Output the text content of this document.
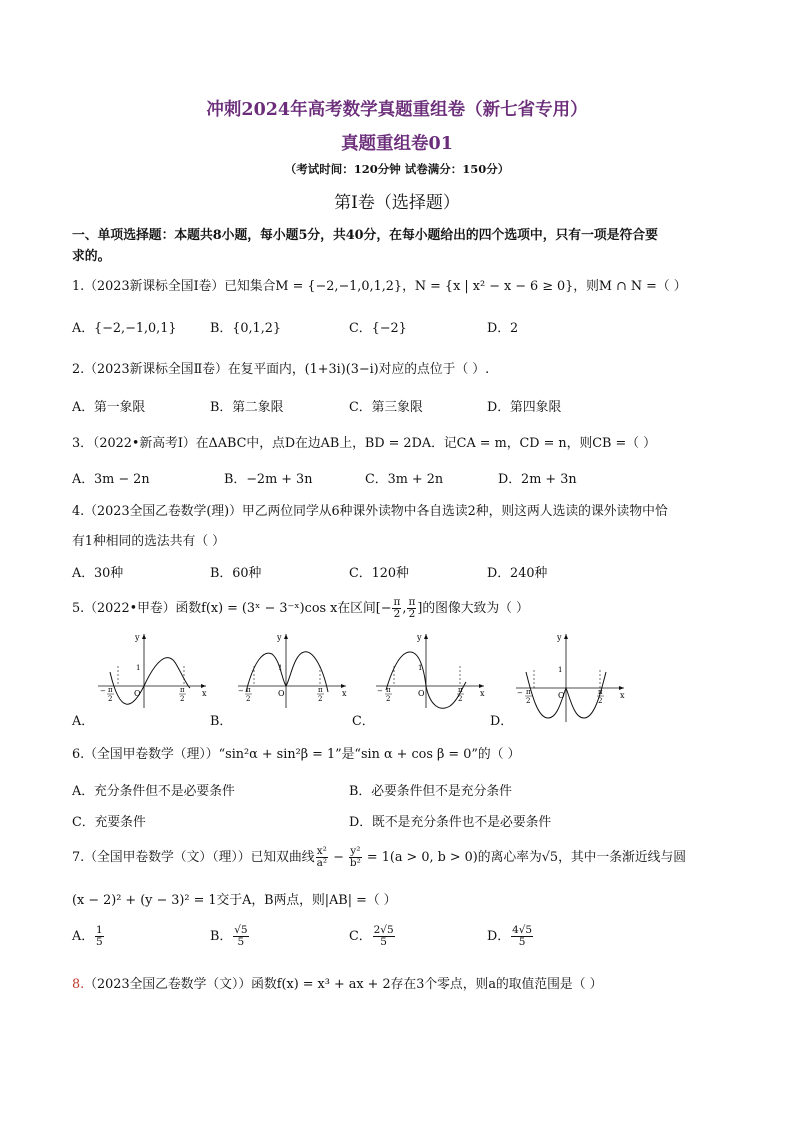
冲刺2024年高考数学真题重组卷（新七省专用）
真题重组卷01
（考试时间：120分钟 试卷满分：150分）
第Ⅰ卷（选择题）
一、单项选择题：本题共8小题，每小题5分，共40分，在每小题给出的四个选项中，只有一项是符合要
求的。
1.（2023新课标全国Ⅰ卷）已知集合M = {−2,−1,0,1,2}，N = {x | x² − x − 6 ≥ 0}，则M ∩ N =（ ）
A．{−2,−1,0,1}	B．{0,1,2}	C．{−2}	D．2
2.（2023新课标全国Ⅱ卷）在复平面内，(1+3i)(3−i)对应的点位于（ ）.
A．第一象限	B．第二象限	C．第三象限	D．第四象限
3．（2022•新高考Ⅰ）在ΔABC中，点D在边AB上，BD = 2DA．记CA = m，CD = n，则CB =（ ）
A．3m − 2n	B．−2m + 3n	C．3m + 2n	D．2m + 3n
4.（2023全国乙卷数学(理)）甲乙两位同学从6种课外读物中各自选读2种，则这两人选读的课外读物中恰
有1种相同的选法共有（ ）
A．30种	B．60种	C．120种	D．240种
5.（2022•甲卷）函数f(x) = (3ˣ − 3⁻ˣ)cos x在区间[− $\frac{\pi}{2}$ , $\frac{\pi}{2}$ ]的图像大致为（ ）
y
x
O
1
− π
2
π
2
A．
y
x
O
1
− π
2
π
2
B．
y
x
O
1
− π
2
π
2
C．
y
x
O
1
− π
2
π
2
D．
6.（全国甲卷数学（理））“sin²α + sin²β = 1”是“sin α + cos β = 0”的（ ）
A．充分条件但不是必要条件	B．必要条件但不是充分条件
C．充要条件	D．既不是充分条件也不是必要条件
7.（全国甲卷数学（文）（理））已知双曲线 $\frac{\text{x²}}{\text{a²}} - \frac{\text{y²}}{\text{b²}} = 1(a > 0$, b > 0)的离心率为√5，其中一条渐近线与圆
(x − 2)² + (y − 3)² = 1交于A，B两点，则|AB| =（ ）
A． $\frac{1}{5}$	B． $\frac{√5}{5}$	C． $\frac{2√5}{5}$	D． $\frac{4√5}{5}$
8.（2023全国乙卷数学（文））函数f(x) = x³ + ax + 2存在3个零点，则a的取值范围是（ ）
